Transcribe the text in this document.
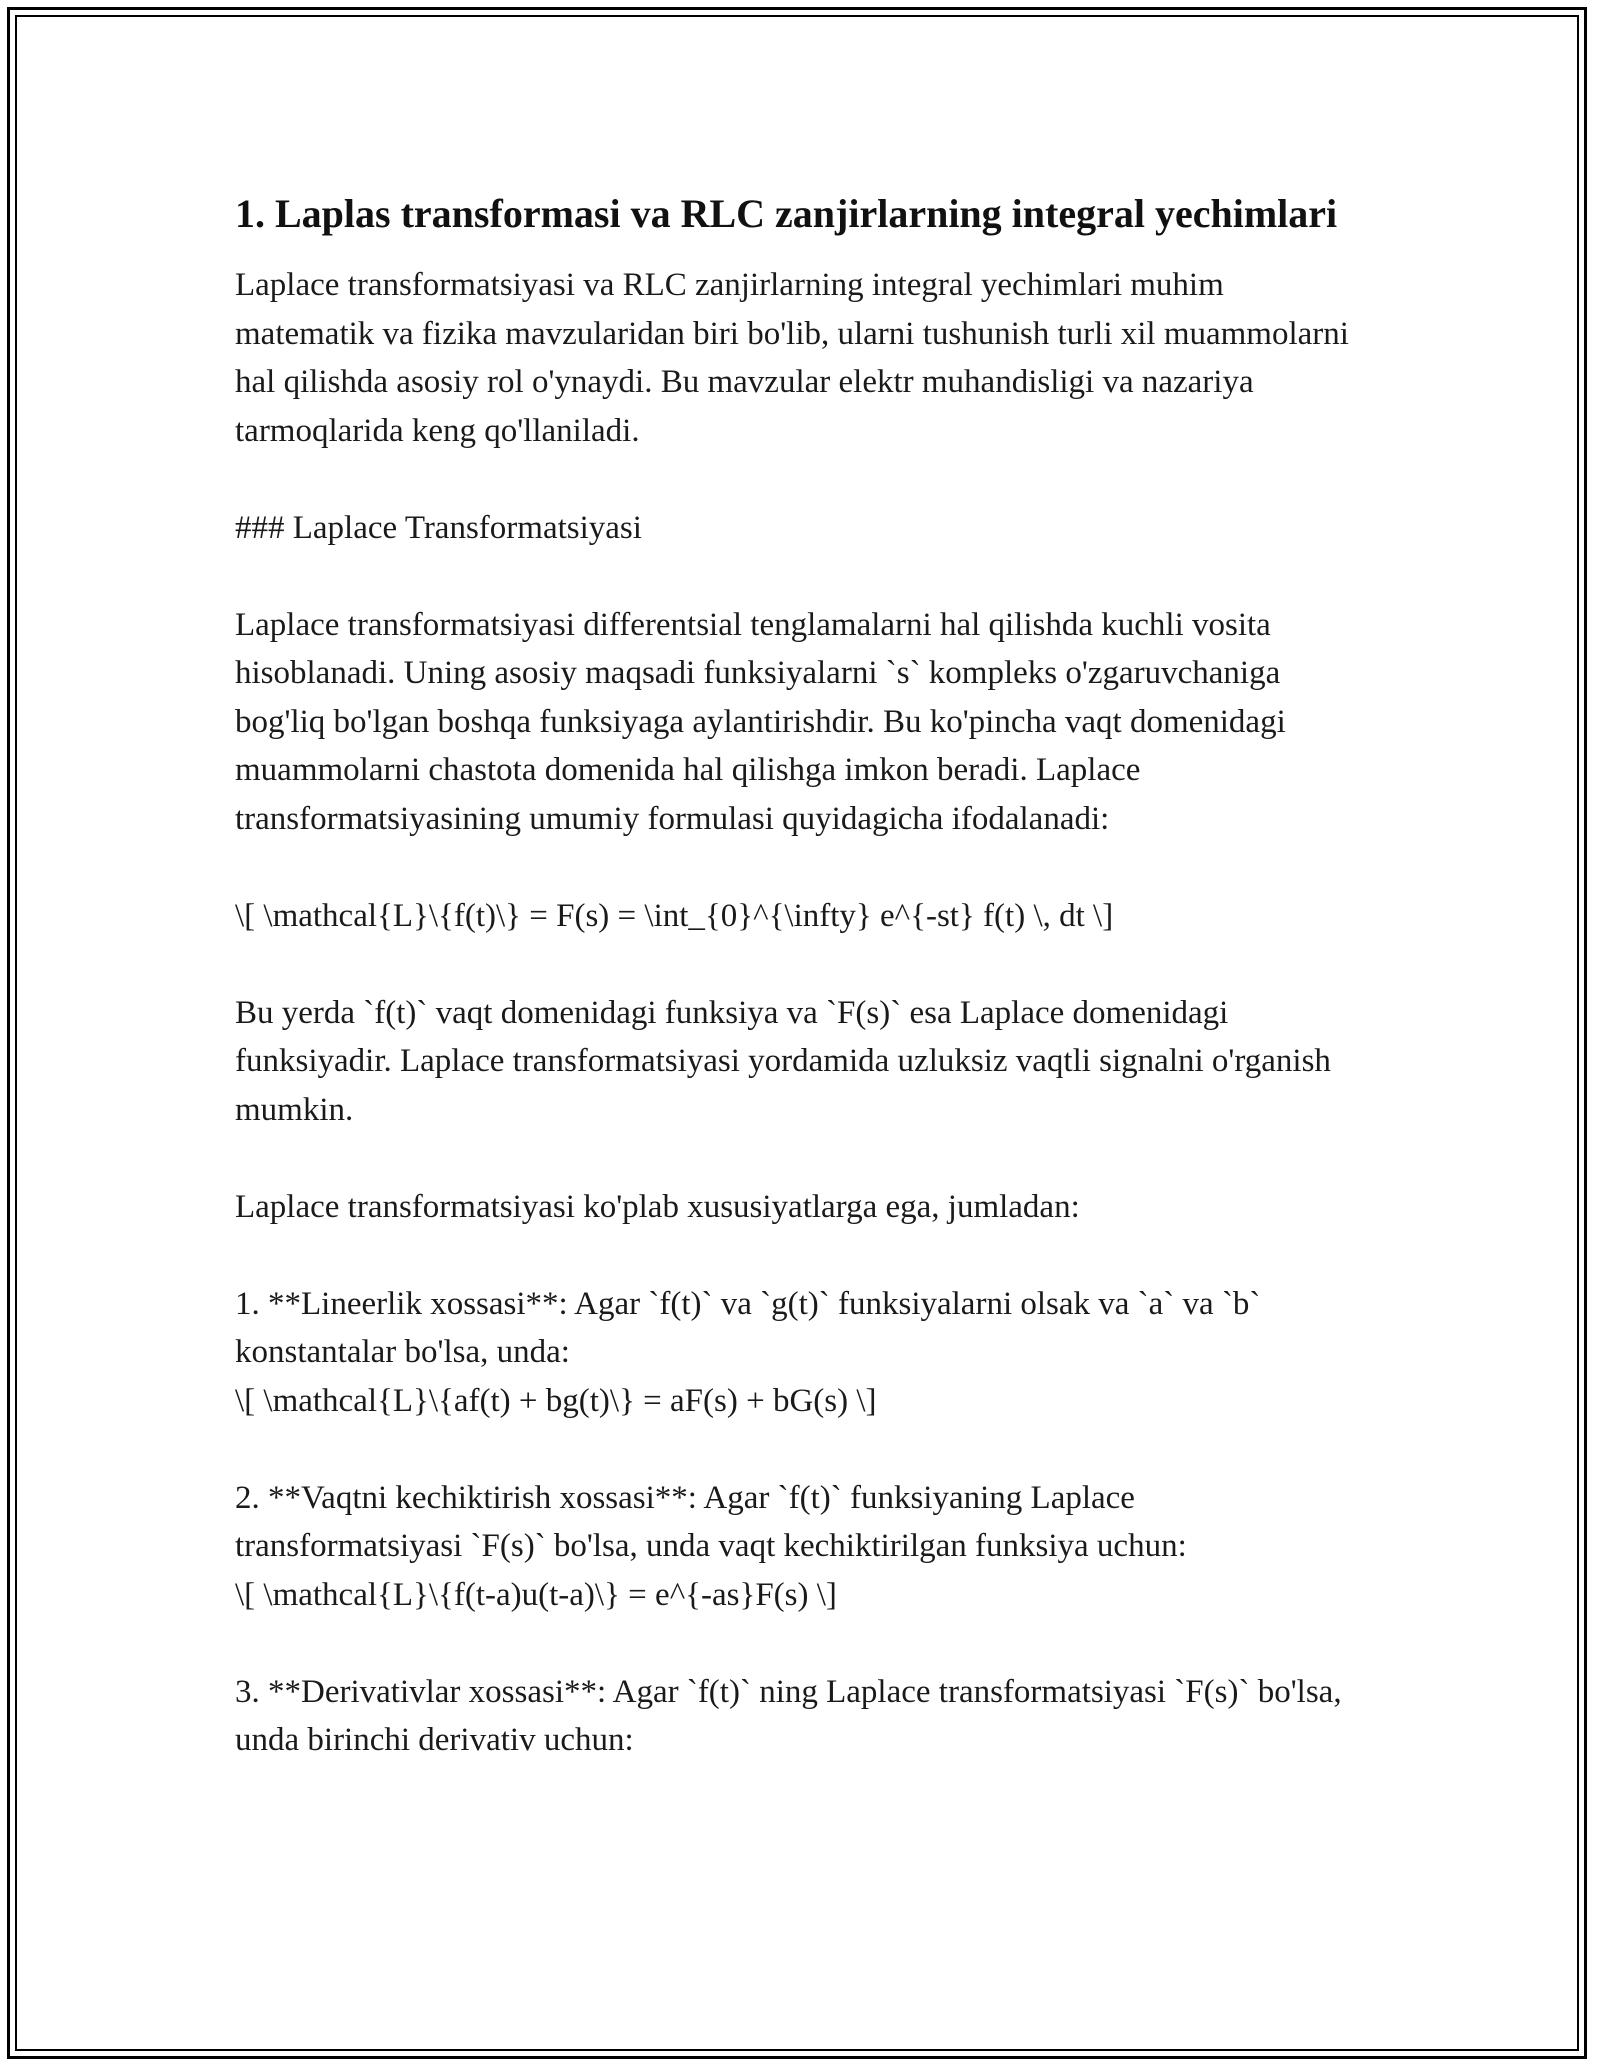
1. Laplas transformasi va RLC zanjirlarning integral yechimlari

Laplace transformatsiyasi va RLC zanjirlarning integral yechimlari muhim matematik va fizika mavzularidan biri bo'lib, ularni tushunish turli xil muammolarni hal qilishda asosiy rol o'ynaydi. Bu mavzular elektr muhandisligi va nazariya tarmoqlarida keng qo'llaniladi.

### Laplace Transformatsiyasi

Laplace transformatsiyasi differentsial tenglamalarni hal qilishda kuchli vosita hisoblanadi. Uning asosiy maqsadi funksiyalarni `s` kompleks o'zgaruvchaniga bog'liq bo'lgan boshqa funksiyaga aylantirishdir. Bu ko'pincha vaqt domenidagi muammolarni chastota domenida hal qilishga imkon beradi. Laplace transformatsiyasining umumiy formulasi quyidagicha ifodalanadi:

\[ \mathcal{L}\{f(t)\} = F(s) = \int_{0}^{\infty} e^{-st} f(t) \, dt \]

Bu yerda `f(t)` vaqt domenidagi funksiya va `F(s)` esa Laplace domenidagi funksiyadir. Laplace transformatsiyasi yordamida uzluksiz vaqtli signalni o'rganish mumkin.

Laplace transformatsiyasi ko'plab xususiyatlarga ega, jumladan:

1. **Lineerlik xossasi**: Agar `f(t)` va `g(t)` funksiyalarni olsak va `a` va `b` konstantalar bo'lsa, unda:
\[ \mathcal{L}\{af(t) + bg(t)\} = aF(s) + bG(s) \]

2. **Vaqtni kechiktirish xossasi**: Agar `f(t)` funksiyaning Laplace transformatsiyasi `F(s)` bo'lsa, unda vaqt kechiktirilgan funksiya uchun:
\[ \mathcal{L}\{f(t-a)u(t-a)\} = e^{-as}F(s) \]

3. **Derivativlar xossasi**: Agar `f(t)` ning Laplace transformatsiyasi `F(s)` bo'lsa, unda birinchi derivativ uchun:
